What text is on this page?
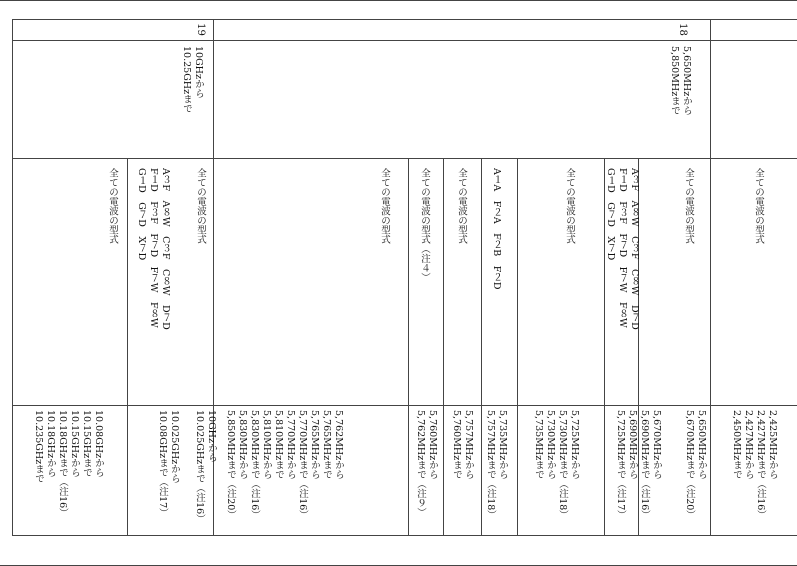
18
5,650MHzから
5,850MHzまで
19
10GHzから
10.25GHzまで
全ての電波の型式
2,425MHzから
2,427MHzまで（注16）
2,427MHzから
2,450MHzまで
全ての電波の型式
5,650MHzから
5,670MHzまで（注20）
A３F　A８W　C３F　C８W　D７D
F１D　F３F　F７D　F７W　F８W
G１D　G７D　X７D
5,670MHzから
5,690MHzまで（注16）
5,690MHzから
5,725MHzまで（注17）
全ての電波の型式
5,725MHzから
5,730MHzまで（注18）
5,730MHzから
5,735MHzまで
A１A　F２A　F２B　F２D
5,735MHzから
5,757MHzまで（注18）
全ての電波の型式
5,757MHzから
5,760MHzまで
全ての電波の型式（注４）
5,760MHzから
5,762MHzまで（注９）
全ての電波の型式
5,762MHzから
5,765MHzまで
5,765MHzから
5,770MHzまで（注16）
5,770MHzから
5,810MHzまで
5,810MHzから
5,830MHzまで（注16）
5,830MHzから
5,850MHzまで（注20）
全ての電波の型式
10GHzから
10.025GHzまで（注16）
A３F　A８W　C３F　C８W　D７D
F１D　F３F　F７D　F７W　F８W
G１D　G７D　X７D
10.025GHzから
10.08GHzまで（注17）
全ての電波の型式
10.08GHzから
10.15GHzまで
10.15GHzから
10.18GHzまで（注16）
10.18GHzから
10.235GHzまで
